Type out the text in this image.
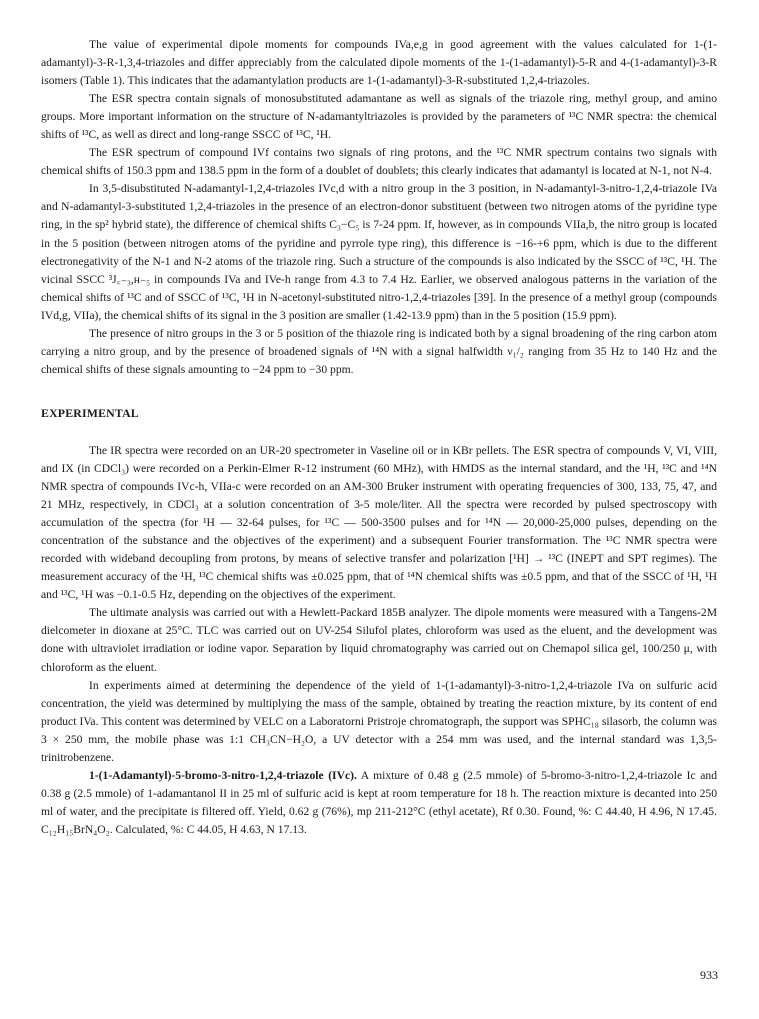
The value of experimental dipole moments for compounds IVa,e,g in good agreement with the values calculated for 1-(1-adamantyl)-3-R-1,3,4-triazoles and differ appreciably from the calculated dipole moments of the 1-(1-adamantyl)-5-R and 4-(1-adamantyl)-3-R isomers (Table 1). This indicates that the adamantylation products are 1-(1-adamantyl)-3-R-substituted 1,2,4-triazoles.

The ESR spectra contain signals of monosubstituted adamantane as well as signals of the triazole ring, methyl group, and amino groups. More important information on the structure of N-adamantyltriazoles is provided by the parameters of ¹³C NMR spectra: the chemical shifts of ¹³C, as well as direct and long-range SSCC of ¹³C, ¹H.

The ESR spectrum of compound IVf contains two signals of ring protons, and the ¹³C NMR spectrum contains two signals with chemical shifts of 150.3 ppm and 138.5 ppm in the form of a doublet of doublets; this clearly indicates that adamantyl is located at N-1, not N-4.

In 3,5-disubstituted N-adamantyl-1,2,4-triazoles IVc,d with a nitro group in the 3 position, in N-adamantyl-3-nitro-1,2,4-triazole IVa and N-adamantyl-3-substituted 1,2,4-triazoles in the presence of an electron-donor substituent (between two nitrogen atoms of the pyridine type ring, in the sp² hybrid state), the difference of chemical shifts C₃−C₅ is 7-24 ppm. If, however, as in compounds VIIa,b, the nitro group is located in the 5 position (between nitrogen atoms of the pyridine and pyrrole type ring), this difference is −16-+6 ppm, which is due to the different electronegativity of the N-1 and N-2 atoms of the triazole ring. Such a structure of the compounds is also indicated by the SSCC of ¹³C, ¹H. The vicinal SSCC ³J꜀₋₃,ʜ₋₅ in compounds IVa and IVe-h range from 4.3 to 7.4 Hz. Earlier, we observed analogous patterns in the variation of the chemical shifts of ¹³C and of SSCC of ¹³C, ¹H in N-acetonyl-substituted nitro-1,2,4-triazoles [39]. In the presence of a methyl group (compounds IVd,g, VIIa), the chemical shifts of its signal in the 3 position are smaller (1.42-13.9 ppm) than in the 5 position (15.9 ppm).

The presence of nitro groups in the 3 or 5 position of the thiazole ring is indicated both by a signal broadening of the ring carbon atom carrying a nitro group, and by the presence of broadened signals of ¹⁴N with a signal halfwidth ν₁/₂ ranging from 35 Hz to 140 Hz and the chemical shifts of these signals amounting to −24 ppm to −30 ppm.

EXPERIMENTAL

The IR spectra were recorded on an UR-20 spectrometer in Vaseline oil or in KBr pellets. The ESR spectra of compounds V, VI, VIII, and IX (in CDCl₃) were recorded on a Perkin-Elmer R-12 instrument (60 MHz), with HMDS as the internal standard, and the ¹H, ¹³C and ¹⁴N NMR spectra of compounds IVc-h, VIIa-c were recorded on an AM-300 Bruker instrument with operating frequencies of 300, 133, 75, 47, and 21 MHz, respectively, in CDCl₃ at a solution concentration of 3-5 mole/liter. All the spectra were recorded by pulsed spectroscopy with accumulation of the spectra (for ¹H — 32-64 pulses, for ¹³C — 500-3500 pulses and for ¹⁴N — 20,000-25,000 pulses, depending on the concentration of the substance and the objectives of the experiment) and a subsequent Fourier transformation. The ¹³C NMR spectra were recorded with wideband decoupling from protons, by means of selective transfer and polarization [¹H] → ¹³C (INEPT and SPT regimes). The measurement accuracy of the ¹H, ¹³C chemical shifts was ±0.025 ppm, that of ¹⁴N chemical shifts was ±0.5 ppm, and that of the SSCC of ¹H, ¹H and ¹³C, ¹H was −0.1-0.5 Hz, depending on the objectives of the experiment.

The ultimate analysis was carried out with a Hewlett-Packard 185B analyzer. The dipole moments were measured with a Tangens-2M dielcometer in dioxane at 25°C. TLC was carried out on UV-254 Silufol plates, chloroform was used as the eluent, and the development was done with ultraviolet irradiation or iodine vapor. Separation by liquid chromatography was carried out on Chemapol silica gel, 100/250 μ, with chloroform as the eluent.

In experiments aimed at determining the dependence of the yield of 1-(1-adamantyl)-3-nitro-1,2,4-triazole IVa on sulfuric acid concentration, the yield was determined by multiplying the mass of the sample, obtained by treating the reaction mixture, by its content of end product IVa. This content was determined by VELC on a Laboratorni Pristroje chromatograph, the support was SPHC₁₈ silasorb, the column was 3 × 250 mm, the mobile phase was 1:1 CH₃CN−H₂O, a UV detector with a 254 mm was used, and the internal standard was 1,3,5-trinitrobenzene.

1-(1-Adamantyl)-5-bromo-3-nitro-1,2,4-triazole (IVc). A mixture of 0.48 g (2.5 mmole) of 5-bromo-3-nitro-1,2,4-triazole Ic and 0.38 g (2.5 mmole) of 1-adamantanol II in 25 ml of sulfuric acid is kept at room temperature for 18 h. The reaction mixture is decanted into 250 ml of water, and the precipitate is filtered off. Yield, 0.62 g (76%), mp 211-212°C (ethyl acetate), Rf 0.30. Found, %: C 44.40, H 4.96, N 17.45. C₁₂H₁₅BrN₄O₂. Calculated, %: C 44.05, H 4.63, N 17.13.

933
